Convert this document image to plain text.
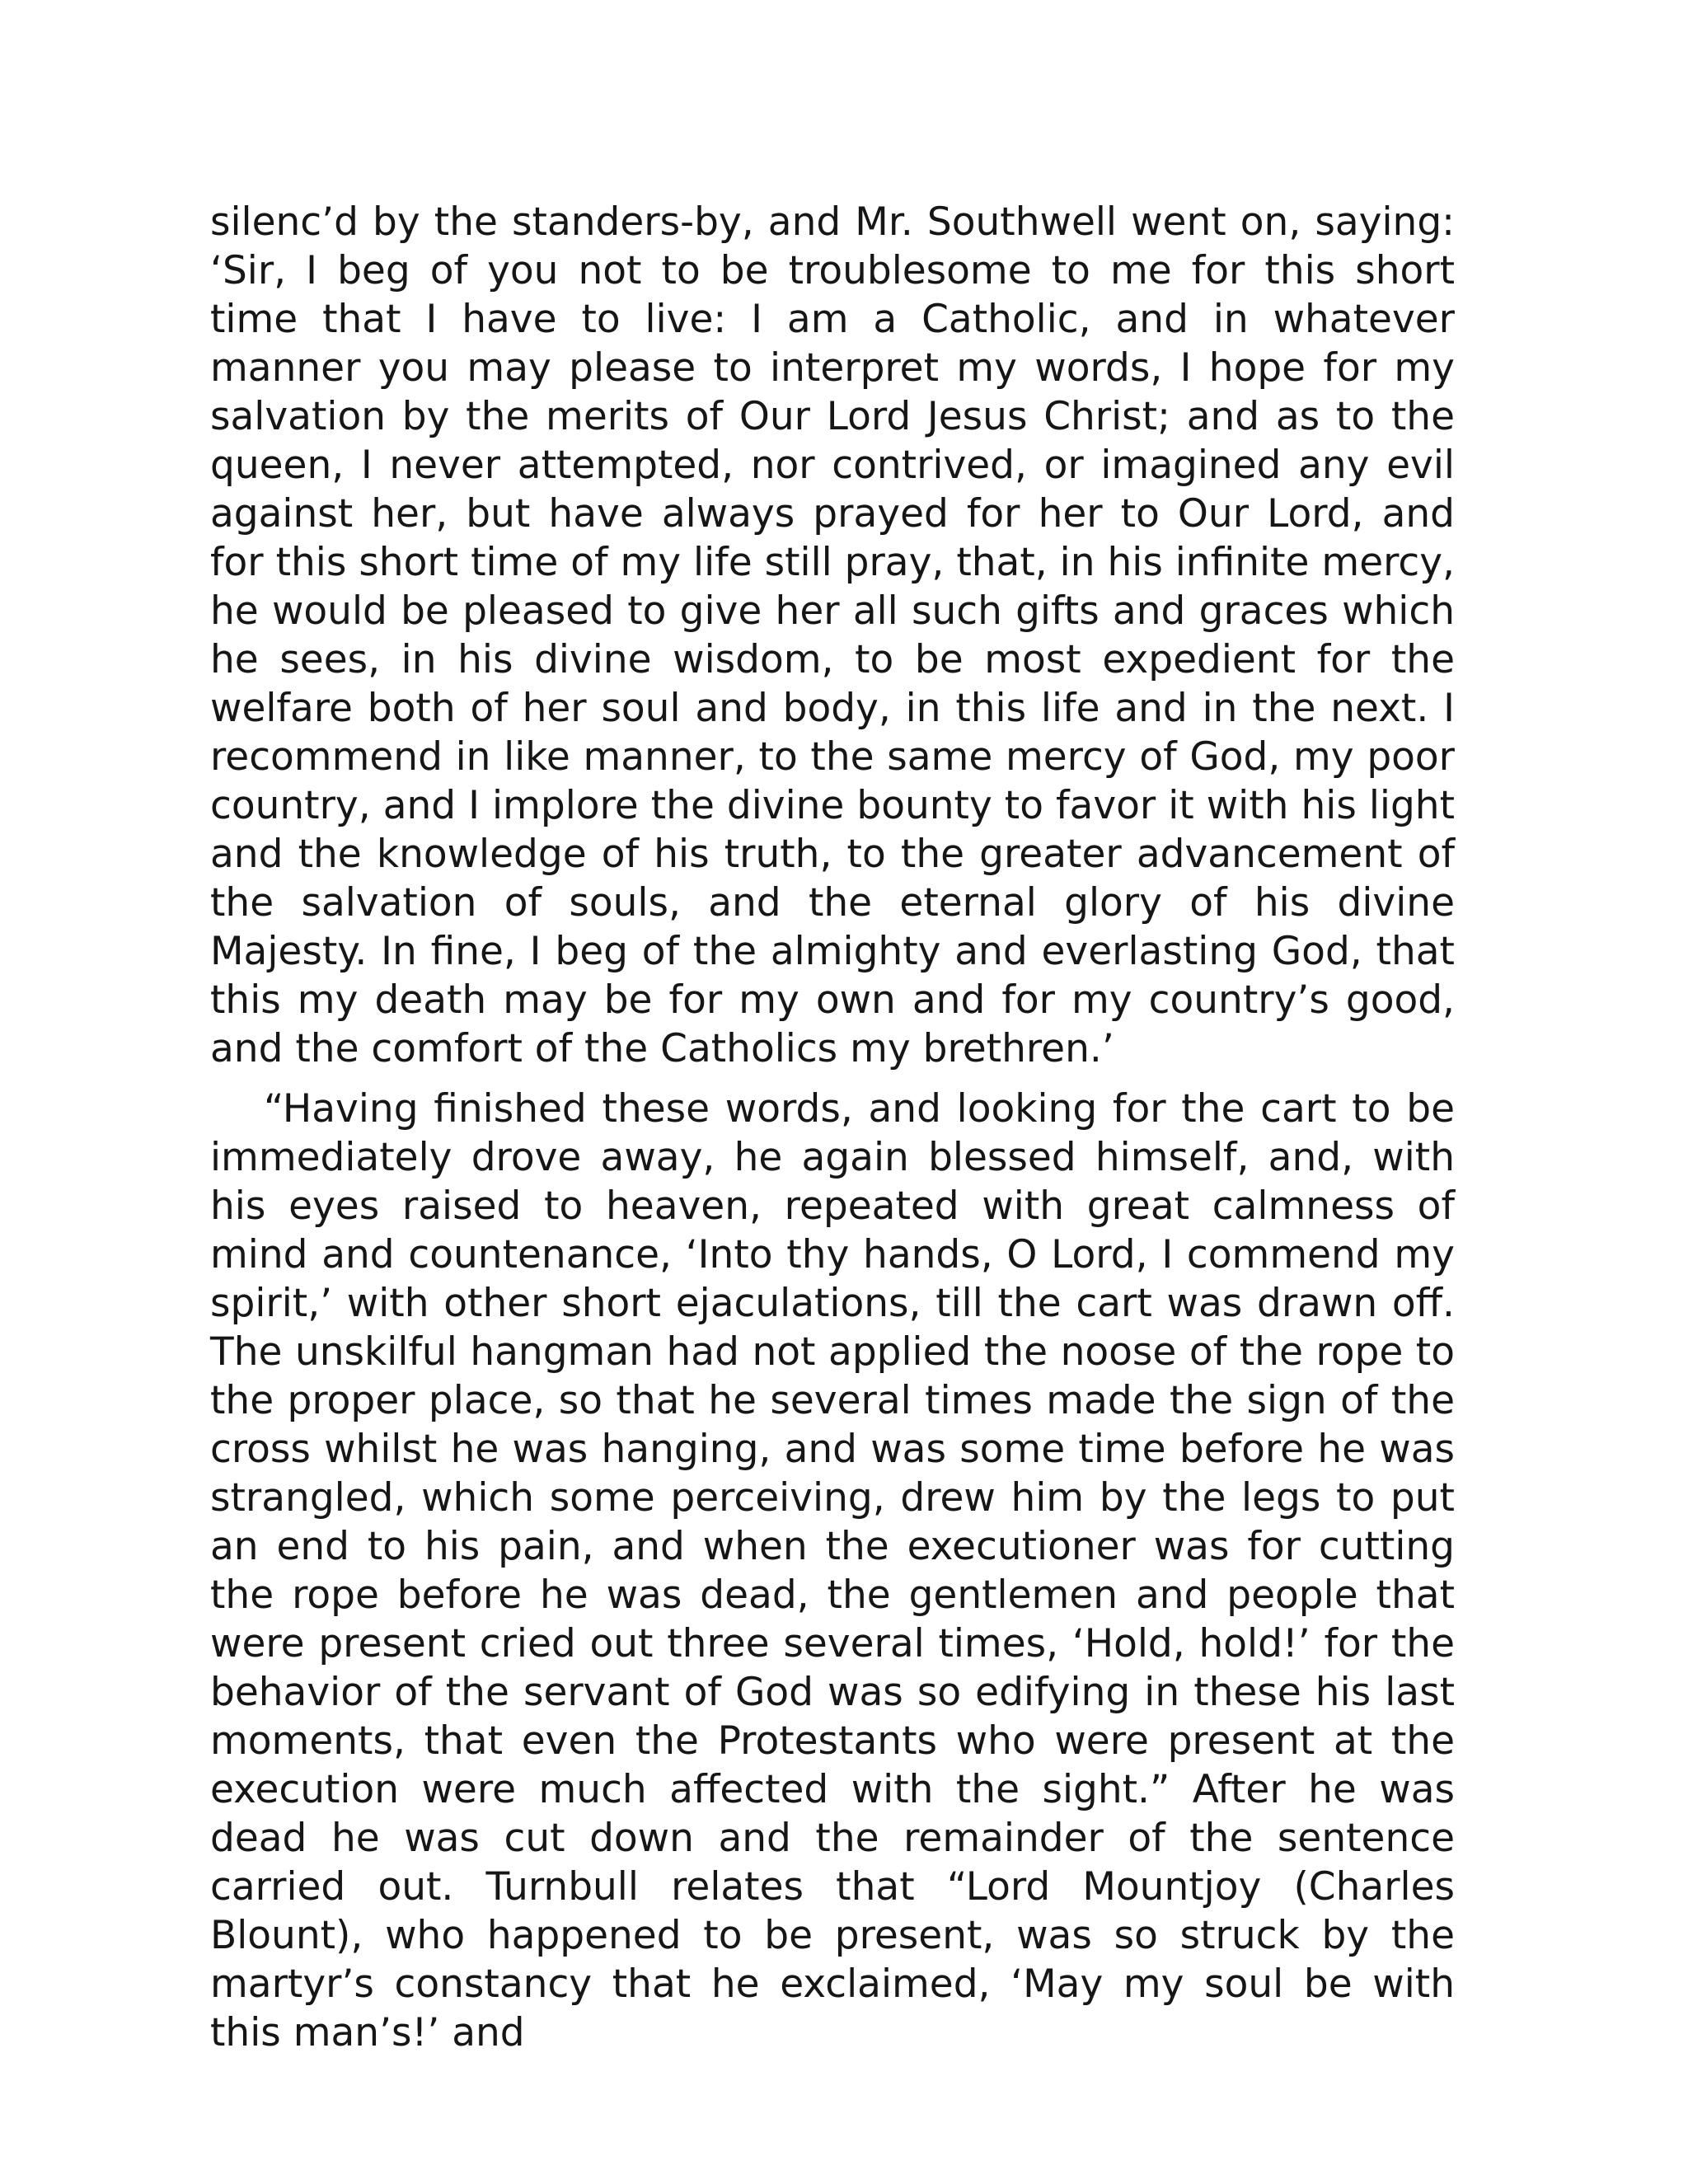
silenc’d by the standers-by, and Mr. Southwell went on, saying: ‘Sir, I beg of you not to be troublesome to me for this short time that I have to live: I am a Catholic, and in whatever manner you may please to interpret my words, I hope for my salvation by the merits of Our Lord Jesus Christ; and as to the queen, I never attempted, nor contrived, or imagined any evil against her, but have always prayed for her to Our Lord, and for this short time of my life still pray, that, in his infinite mercy, he would be pleased to give her all such gifts and graces which he sees, in his divine wisdom, to be most expedient for the welfare both of her soul and body, in this life and in the next. I recommend in like manner, to the same mercy of God, my poor country, and I implore the divine bounty to favor it with his light and the knowledge of his truth, to the greater advancement of the salvation of souls, and the eternal glory of his divine Majesty. In fine, I beg of the almighty and everlasting God, that this my death may be for my own and for my country’s good, and the comfort of the Catholics my brethren.’

“Having finished these words, and looking for the cart to be immediately drove away, he again blessed himself, and, with his eyes raised to heaven, repeated with great calmness of mind and countenance, ‘Into thy hands, O Lord, I commend my spirit,’ with other short ejaculations, till the cart was drawn off. The unskilful hangman had not applied the noose of the rope to the proper place, so that he several times made the sign of the cross whilst he was hanging, and was some time before he was strangled, which some perceiving, drew him by the legs to put an end to his pain, and when the executioner was for cutting the rope before he was dead, the gentlemen and people that were present cried out three several times, ‘Hold, hold!’ for the behavior of the servant of God was so edifying in these his last moments, that even the Protestants who were present at the execution were much affected with the sight.” After he was dead he was cut down and the remainder of the sentence carried out. Turnbull relates that “Lord Mountjoy (Charles Blount), who happened to be present, was so struck by the martyr’s constancy that he exclaimed, ‘May my soul be with this man’s!’ and
